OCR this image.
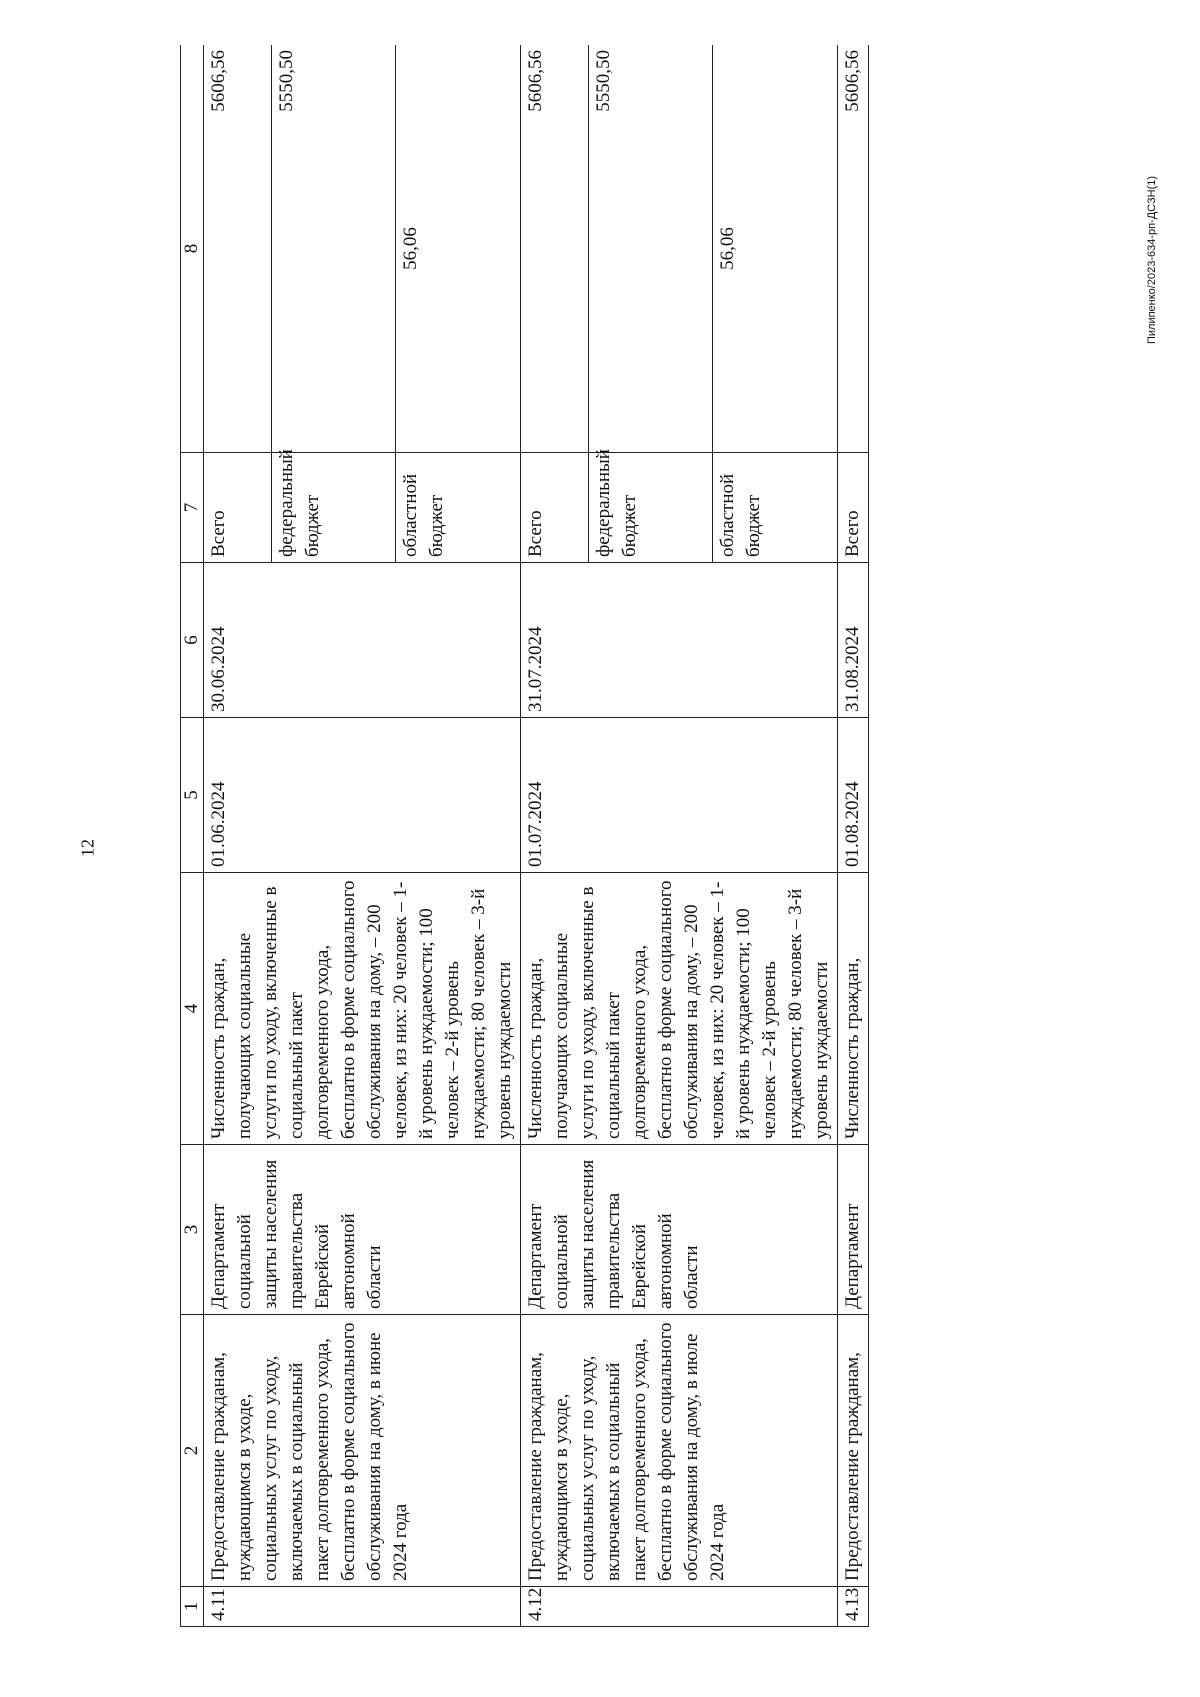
12
Пилипенко/2023-634-рп-ДСЗН(1)
1	2	3	4	5	6	7	8
4.11	Предоставление гражданам, нуждающимся в уходе, социальных услуг по уходу, включаемых в социальный пакет долговременного ухода, бесплатно в форме социального обслуживания на дому, в июне 2024 года	Департамент социальной защиты населения правительства Еврейской автономной области	Численность граждан, получающих социальные услуги по уходу, включенные в социальный пакет долговременного ухода, бесплатно в форме социального обслуживания на дому, – 200 человек, из них: 20 человек – 1-й уровень нуждаемости; 100 человек – 2-й уровень нуждаемости; 80 человек – 3-й уровень нуждаемости	01.06.2024	30.06.2024	Всего	5606,56
						федеральный бюджет	5550,50
						областной бюджет	56,06
4.12	Предоставление гражданам, нуждающимся в уходе, социальных услуг по уходу, включаемых в социальный пакет долговременного ухода, бесплатно в форме социального обслуживания на дому, в июле 2024 года	Департамент социальной защиты населения правительства Еврейской автономной области	Численность граждан, получающих социальные услуги по уходу, включенные в социальный пакет долговременного ухода, бесплатно в форме социального обслуживания на дому, – 200 человек, из них: 20 человек – 1-й уровень нуждаемости; 100 человек – 2-й уровень нуждаемости; 80 человек – 3-й уровень нуждаемости	01.07.2024	31.07.2024	Всего	5606,56
						федеральный бюджет	5550,50
						областной бюджет	56,06
4.13	Предоставление гражданам,	Департамент	Численность граждан,	01.08.2024	31.08.2024	Всего	5606,56
